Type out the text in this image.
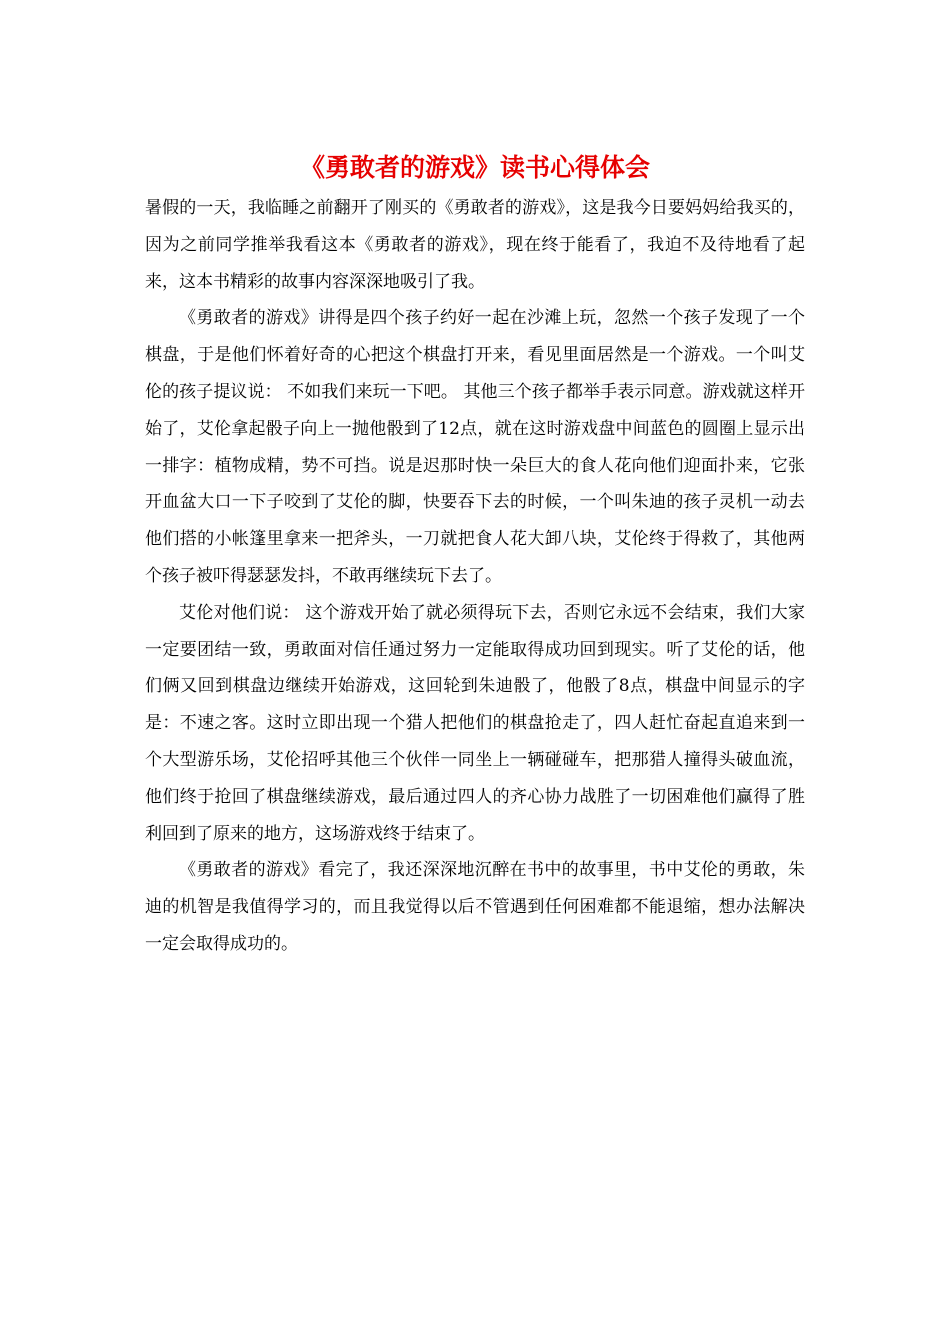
《勇敢者的游戏》读书心得体会

暑假的一天，我临睡之前翻开了刚买的《勇敢者的游戏》，这是我今日要妈妈给我买的，因为之前同学推举我看这本《勇敢者的游戏》，现在终于能看了，我迫不及待地看了起来，这本书精彩的故事内容深深地吸引了我。

《勇敢者的游戏》讲得是四个孩子约好一起在沙滩上玩，忽然一个孩子发现了一个棋盘，于是他们怀着好奇的心把这个棋盘打开来，看见里面居然是一个游戏。一个叫艾伦的孩子提议说： 不如我们来玩一下吧。 其他三个孩子都举手表示同意。游戏就这样开始了，艾伦拿起骰子向上一抛他骰到了12点，就在这时游戏盘中间蓝色的圆圈上显示出一排字：植物成精，势不可挡。说是迟那时快一朵巨大的食人花向他们迎面扑来，它张开血盆大口一下子咬到了艾伦的脚，快要吞下去的时候，一个叫朱迪的孩子灵机一动去他们搭的小帐篷里拿来一把斧头，一刀就把食人花大卸八块，艾伦终于得救了，其他两个孩子被吓得瑟瑟发抖，不敢再继续玩下去了。

艾伦对他们说： 这个游戏开始了就必须得玩下去，否则它永远不会结束，我们大家一定要团结一致，勇敢面对信任通过努力一定能取得成功回到现实。听了艾伦的话，他们俩又回到棋盘边继续开始游戏，这回轮到朱迪骰了，他骰了8点，棋盘中间显示的字是：不速之客。这时立即出现一个猎人把他们的棋盘抢走了，四人赶忙奋起直追来到一个大型游乐场，艾伦招呼其他三个伙伴一同坐上一辆碰碰车，把那猎人撞得头破血流，他们终于抢回了棋盘继续游戏，最后通过四人的齐心协力战胜了一切困难他们赢得了胜利回到了原来的地方，这场游戏终于结束了。

《勇敢者的游戏》看完了，我还深深地沉醉在书中的故事里，书中艾伦的勇敢，朱迪的机智是我值得学习的，而且我觉得以后不管遇到任何困难都不能退缩，想办法解决一定会取得成功的。
